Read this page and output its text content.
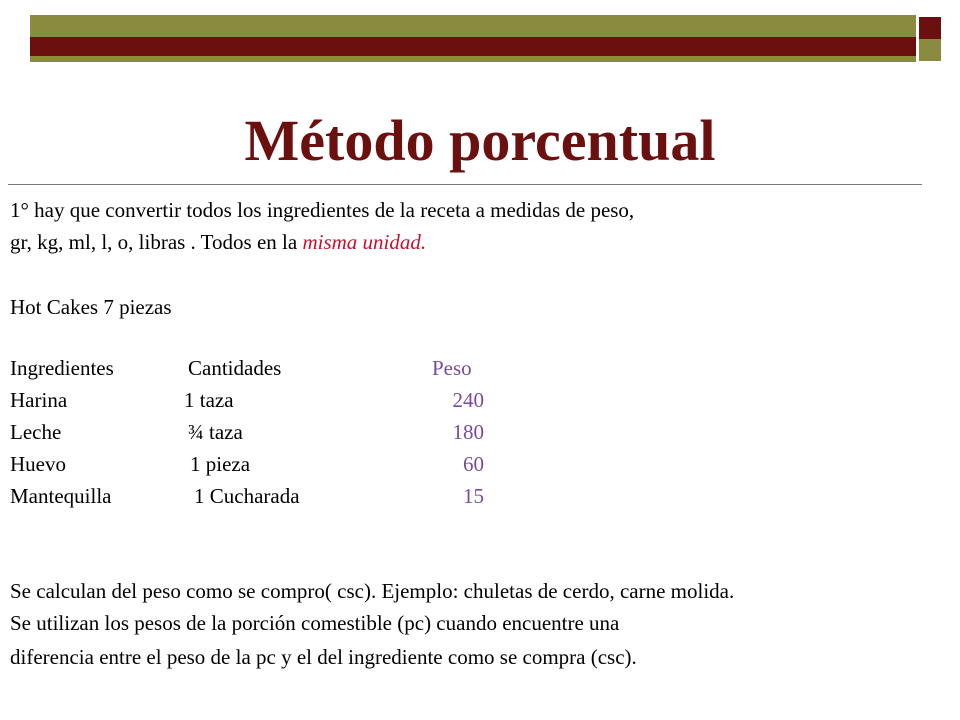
Método porcentual

1° hay que convertir todos los ingredientes de la receta a medidas de peso,

gr, kg, ml, l, o, libras . Todos en la misma unidad.

Hot Cakes 7 piezas

Ingredientes	Cantidades	Peso
Harina	1 taza	240
Leche	¾ taza	180
Huevo	1 pieza	60
Mantequilla	1 Cucharada	15

Se calculan del peso como se compro( csc). Ejemplo: chuletas de cerdo, carne molida.

Se utilizan los pesos de la porción comestible (pc) cuando encuentre una

diferencia entre el peso de la pc y el del ingrediente como se compra (csc).
